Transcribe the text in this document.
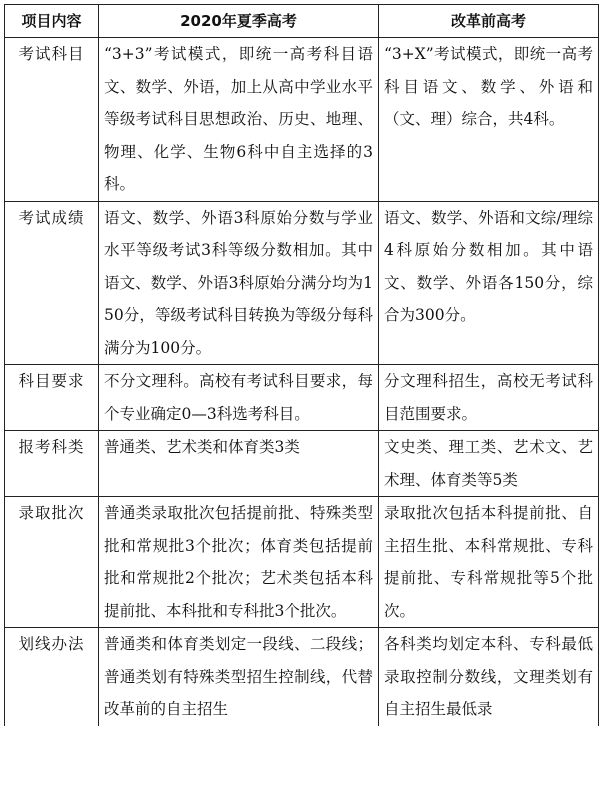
项目内容	2020年夏季高考	改革前高考
考试科目	“3+3”考试模式，即统一高考科目语文、数学、外语，加上从高中学业水平等级考试科目思想政治、历史、地理、物理、化学、生物6科中自主选择的3科。	“3+X”考试模式，即统一高考科目语文、数学、外语和（文、理）综合，共4科。
考试成绩	语文、数学、外语3科原始分数与学业水平等级考试3科等级分数相加。其中语文、数学、外语3科原始分满分均为150分，等级考试科目转换为等级分每科满分为100分。	语文、数学、外语和文综/理综4科原始分数相加。其中语文、数学、外语各150分，综合为300分。
科目要求	不分文理科。高校有考试科目要求，每个专业确定0—3科选考科目。	分文理科招生，高校无考试科目范围要求。
报考科类	普通类、艺术类和体育类3类	文史类、理工类、艺术文、艺术理、体育类等5类
录取批次	普通类录取批次包括提前批、特殊类型批和常规批3个批次；体育类包括提前批和常规批2个批次；艺术类包括本科提前批、本科批和专科批3个批次。	录取批次包括本科提前批、自主招生批、本科常规批、专科提前批、专科常规批等5个批次。
划线办法	普通类和体育类划定一段线、二段线；普通类划有特殊类型招生控制线，代替改革前的自主招生	各科类均划定本科、专科最低录取控制分数线，文理类划有自主招生最低录
